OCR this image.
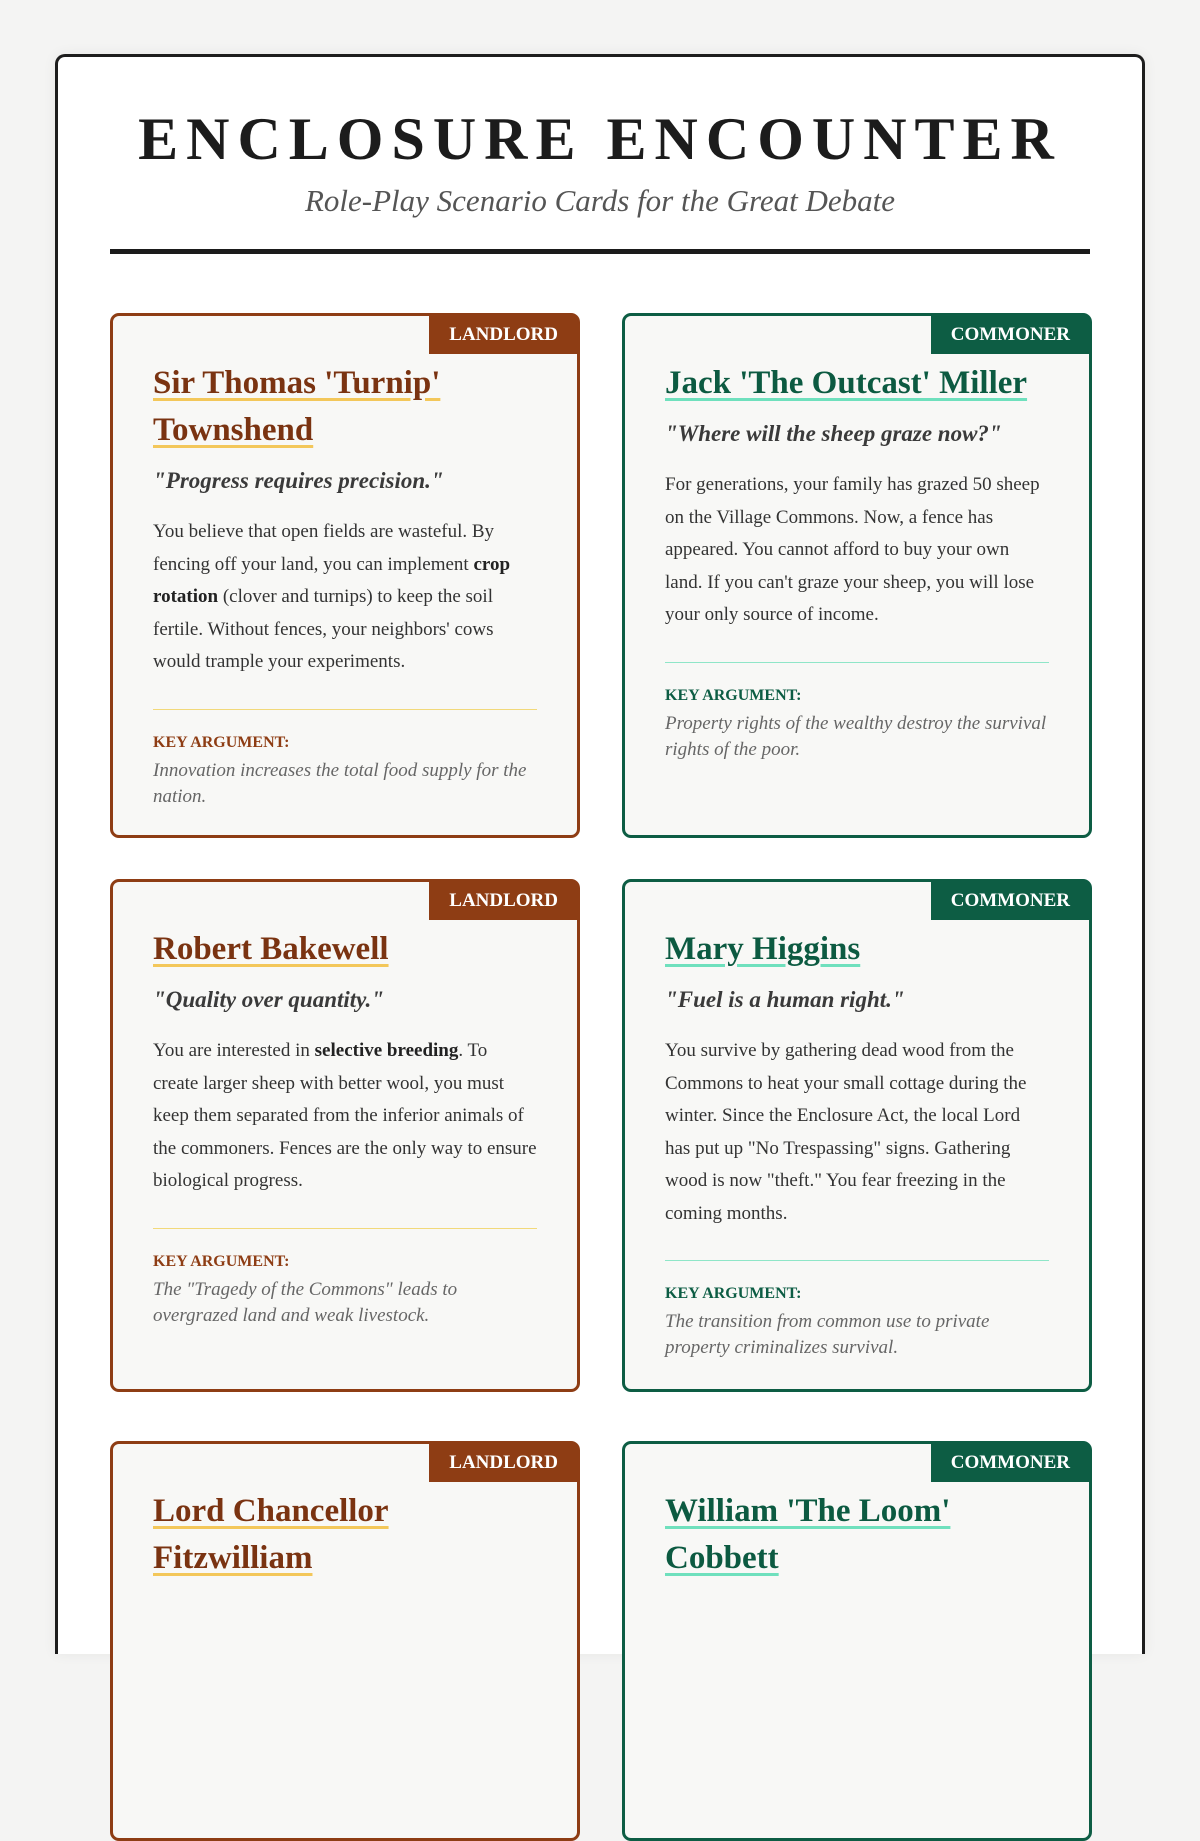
ENCLOSURE ENCOUNTER

Role-Play Scenario Cards for the Great Debate

LANDLORD
Sir Thomas 'Turnip' Townshend

"Progress requires precision."

You believe that open fields are wasteful. By fencing off your land, you can implement crop rotation (clover and turnips) to keep the soil fertile. Without fences, your neighbors' cows would trample your experiments.

KEY ARGUMENT:
Innovation increases the total food supply for the nation.
COMMONER
Jack 'The Outcast' Miller

"Where will the sheep graze now?"

For generations, your family has grazed 50 sheep on the Village Commons. Now, a fence has appeared. You cannot afford to buy your own land. If you can't graze your sheep, you will lose your only source of income.

KEY ARGUMENT:
Property rights of the wealthy destroy the survival rights of the poor.
LANDLORD
Robert Bakewell

"Quality over quantity."

You are interested in selective breeding. To create larger sheep with better wool, you must keep them separated from the inferior animals of the commoners. Fences are the only way to ensure biological progress.

KEY ARGUMENT:
The "Tragedy of the Commons" leads to overgrazed land and weak livestock.
COMMONER
Mary Higgins

"Fuel is a human right."

You survive by gathering dead wood from the Commons to heat your small cottage during the winter. Since the Enclosure Act, the local Lord has put up "No Trespassing" signs. Gathering wood is now "theft." You fear freezing in the coming months.

KEY ARGUMENT:
The transition from common use to private property criminalizes survival.
LANDLORD
Lord Chancellor Fitzwilliam
COMMONER
William 'The Loom' Cobbett
